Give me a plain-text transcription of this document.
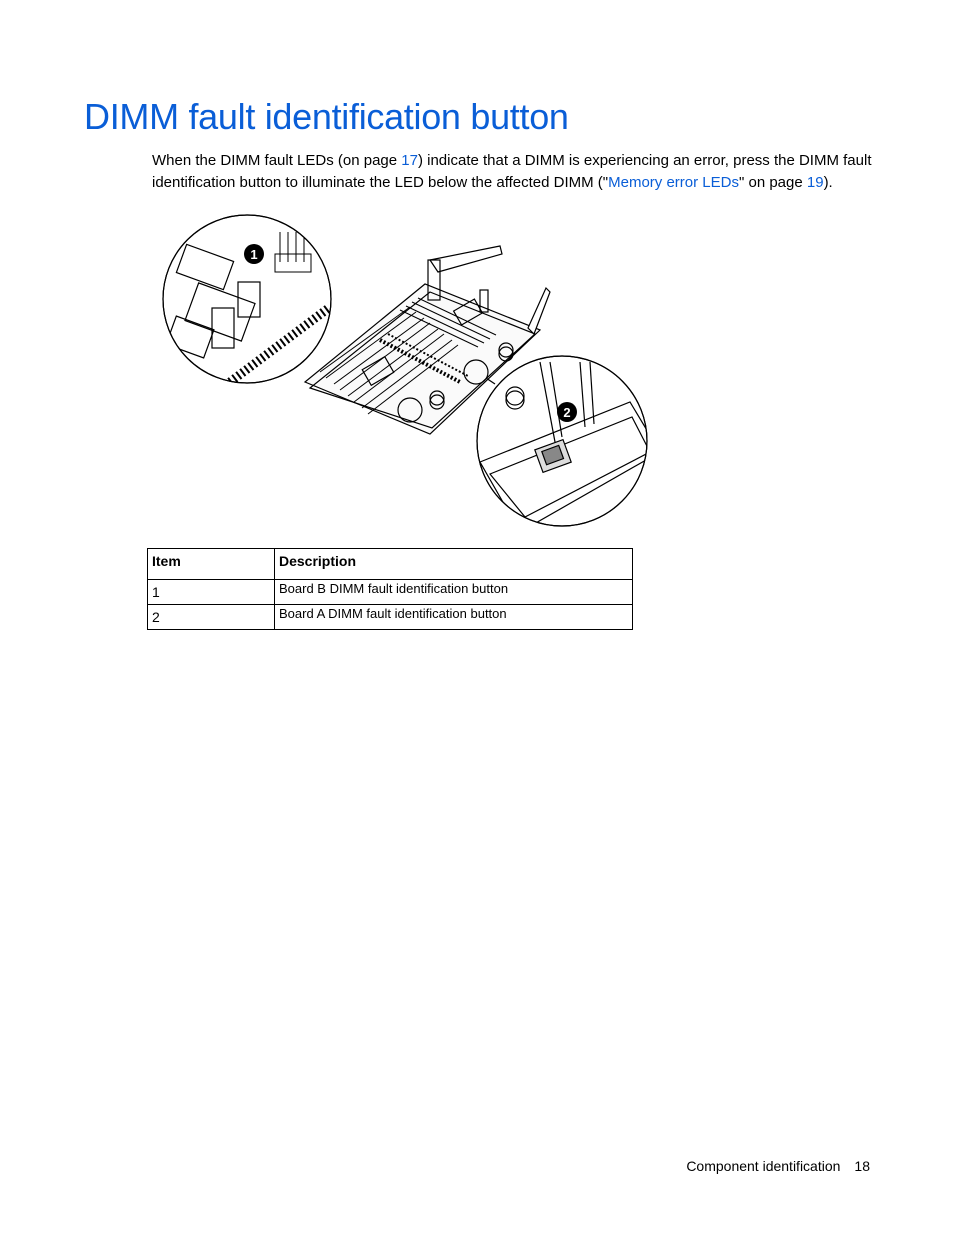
DIMM fault identification button

When the DIMM fault LEDs (on page 17) indicate that a DIMM is experiencing an error, press the DIMM fault identification button to illuminate the LED below the affected DIMM ("Memory error LEDs" on page 19).

1
2
Item	Description
1	Board B DIMM fault identification button
2	Board A DIMM fault identification button
Component identification 18
